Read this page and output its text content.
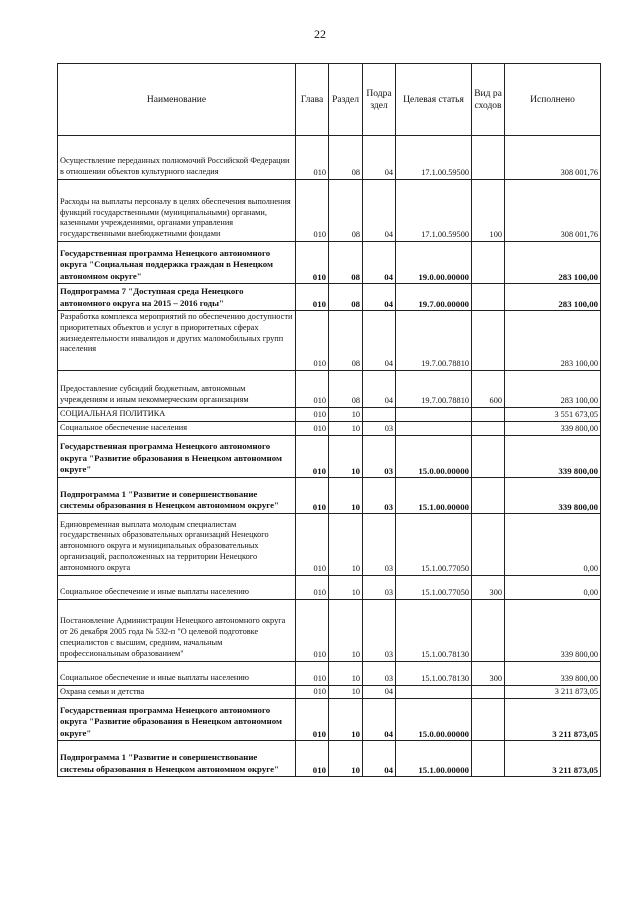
22
Наименование	Глава	Раздел	Подраздел	Целевая статья	Вид расходов	Исполнено
Осуществление переданных полномочий Российской Федерации в отношении объектов культурного наследия	010	08	04	17.1.00.59500		308 001,76
Расходы на выплаты персоналу в целях обеспечения выполнения функций государственными (муниципальными) органами, казенными учреждениями, органами управления государственными внебюджетными фондами	010	08	04	17.1.00.59500	100	308 001,76
Государственная программа Ненецкого автономного округа "Социальная поддержка граждан в Ненецком автономном округе"	010	08	04	19.0.00.00000		283 100,00
Подпрограмма 7 "Доступная среда Ненецкого автономного округа на 2015 – 2016 годы"	010	08	04	19.7.00.00000		283 100,00
Разработка комплекса мероприятий по обеспечению доступности приоритетных объектов и услуг в приоритетных сферах жизнедеятельности инвалидов и других маломобильных групп населения	010	08	04	19.7.00.78810		283 100,00
Предоставление субсидий бюджетным, автономным учреждениям и иным некоммерческим организациям	010	08	04	19.7.00.78810	600	283 100,00
СОЦИАЛЬНАЯ ПОЛИТИКА	010	10				3 551 673,05
Социальное обеспечение населения	010	10	03			339 800,00
Государственная программа Ненецкого автономного округа "Развитие образования в Ненецком автономном округе"	010	10	03	15.0.00.00000		339 800,00
Подпрограмма 1 "Развитие и совершенствование системы образования в Ненецком автономном округе"	010	10	03	15.1.00.00000		339 800,00
Единовременная выплата молодым специалистам государственных образовательных организаций Ненецкого автономного округа и муниципальных образовательных организаций, расположенных на территории Ненецкого автономного округа	010	10	03	15.1.00.77050		0,00
Социальное обеспечение и иные выплаты населению	010	10	03	15.1.00.77050	300	0,00
Постановление Администрации Ненецкого автономного округа от 26 декабря 2005 года № 532-п "О целевой подготовке специалистов с высшим, средним, начальным профессиональным образованием"	010	10	03	15.1.00.78130		339 800,00
Социальное обеспечение и иные выплаты населению	010	10	03	15.1.00.78130	300	339 800,00
Охрана семьи и детства	010	10	04			3 211 873,05
Государственная программа Ненецкого автономного округа "Развитие образования в Ненецком автономном округе"	010	10	04	15.0.00.00000		3 211 873,05
Подпрограмма 1 "Развитие и совершенствование системы образования в Ненецком автономном округе"	010	10	04	15.1.00.00000		3 211 873,05
